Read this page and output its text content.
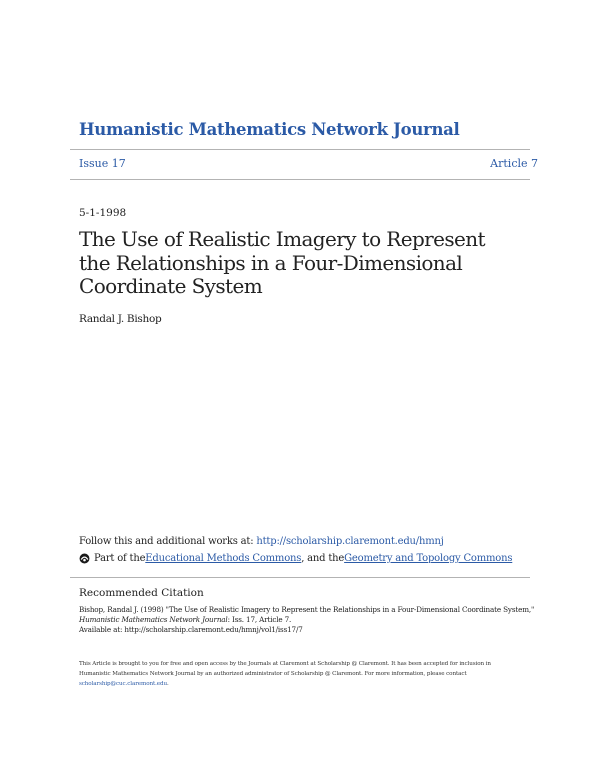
Humanistic Mathematics Network Journal
Issue 17	Article 7
5-1-1998
The Use of Realistic Imagery to Represent the Relationships in a Four-Dimensional Coordinate System
Randal J. Bishop
Follow this and additional works at: http://scholarship.claremont.edu/hmnj
Part of the Educational Methods Commons , and the Geometry and Topology Commons
Recommended Citation
Bishop, Randal J. (1998) "The Use of Realistic Imagery to Represent the Relationships in a Four-Dimensional Coordinate System,"
Humanistic Mathematics Network Journal: Iss. 17, Article 7.
Available at: http://scholarship.claremont.edu/hmnj/vol1/iss17/7
This Article is brought to you for free and open access by the Journals at Claremont at Scholarship @ Claremont. It has been accepted for inclusion in
Humanistic Mathematics Network Journal by an authorized administrator of Scholarship @ Claremont. For more information, please contact
scholarship@cuc.claremont.edu.
